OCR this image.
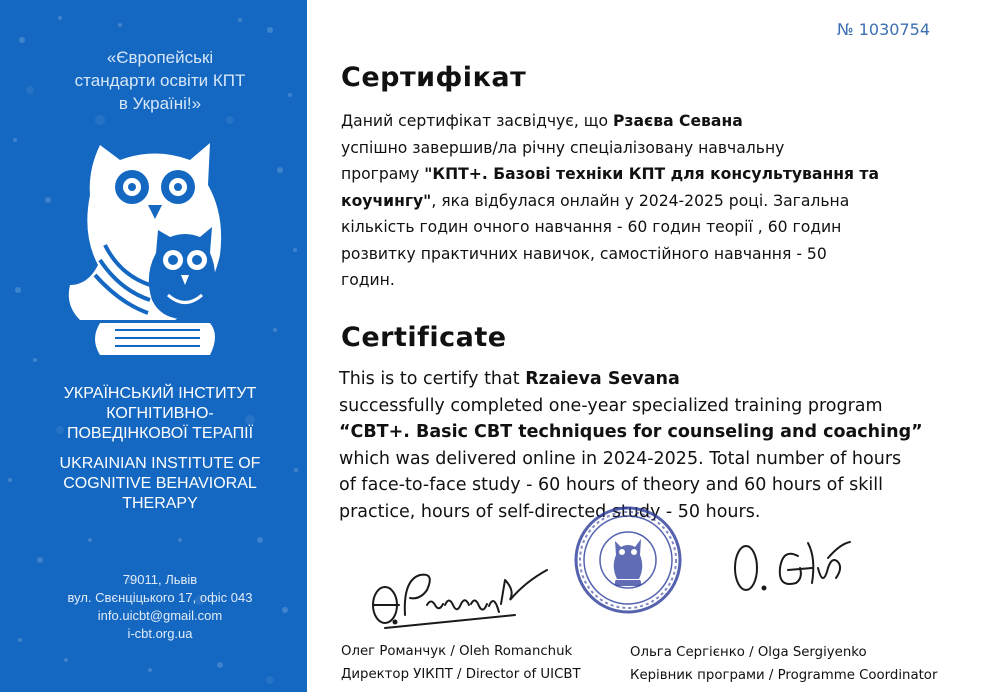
«Європейські
стандарти освіти КПТ
в Україні!»
УКРАЇНСЬКИЙ ІНСТИТУТ
КОГНІТИВНО-
ПОВЕДІНКОВОЇ ТЕРАПІЇ
UKRAINIAN INSTITUTE OF
COGNITIVE BEHAVIORAL
THERAPY
79011, Львів
вул. Свєнціцького 17, офіс 043
info.uicbt@gmail.com
i-cbt.org.ua
№ 1030754
Сертифікат
Даний сертифікат засвідчує, що Рзаєва Севана
успішно завершив/ла річну спеціалізовану навчальну
програму "КПТ+. Базові техніки КПТ для консультування та
коучингу", яка відбулася онлайн у 2024-2025 році. Загальна
кількість годин очного навчання - 60 годин теорії , 60 годин
розвитку практичних навичок, самостійного навчання - 50
годин.
Certificate
This is to certify that Rzaieva Sevana
successfully completed one-year specialized training program
“CBT+. Basic CBT techniques for counseling and coaching”
which was delivered online in 2024-2025. Total number of hours
of face-to-face study - 60 hours of theory and 60 hours of skill
practice, hours of self-directed study - 50 hours.
Олег Романчук / Oleh Romanchuk
Директор УІКПТ / Director of UICBT
Ольга Сергієнко / Olga Sergiyenko
Керівник програми / Programme Coordinator
